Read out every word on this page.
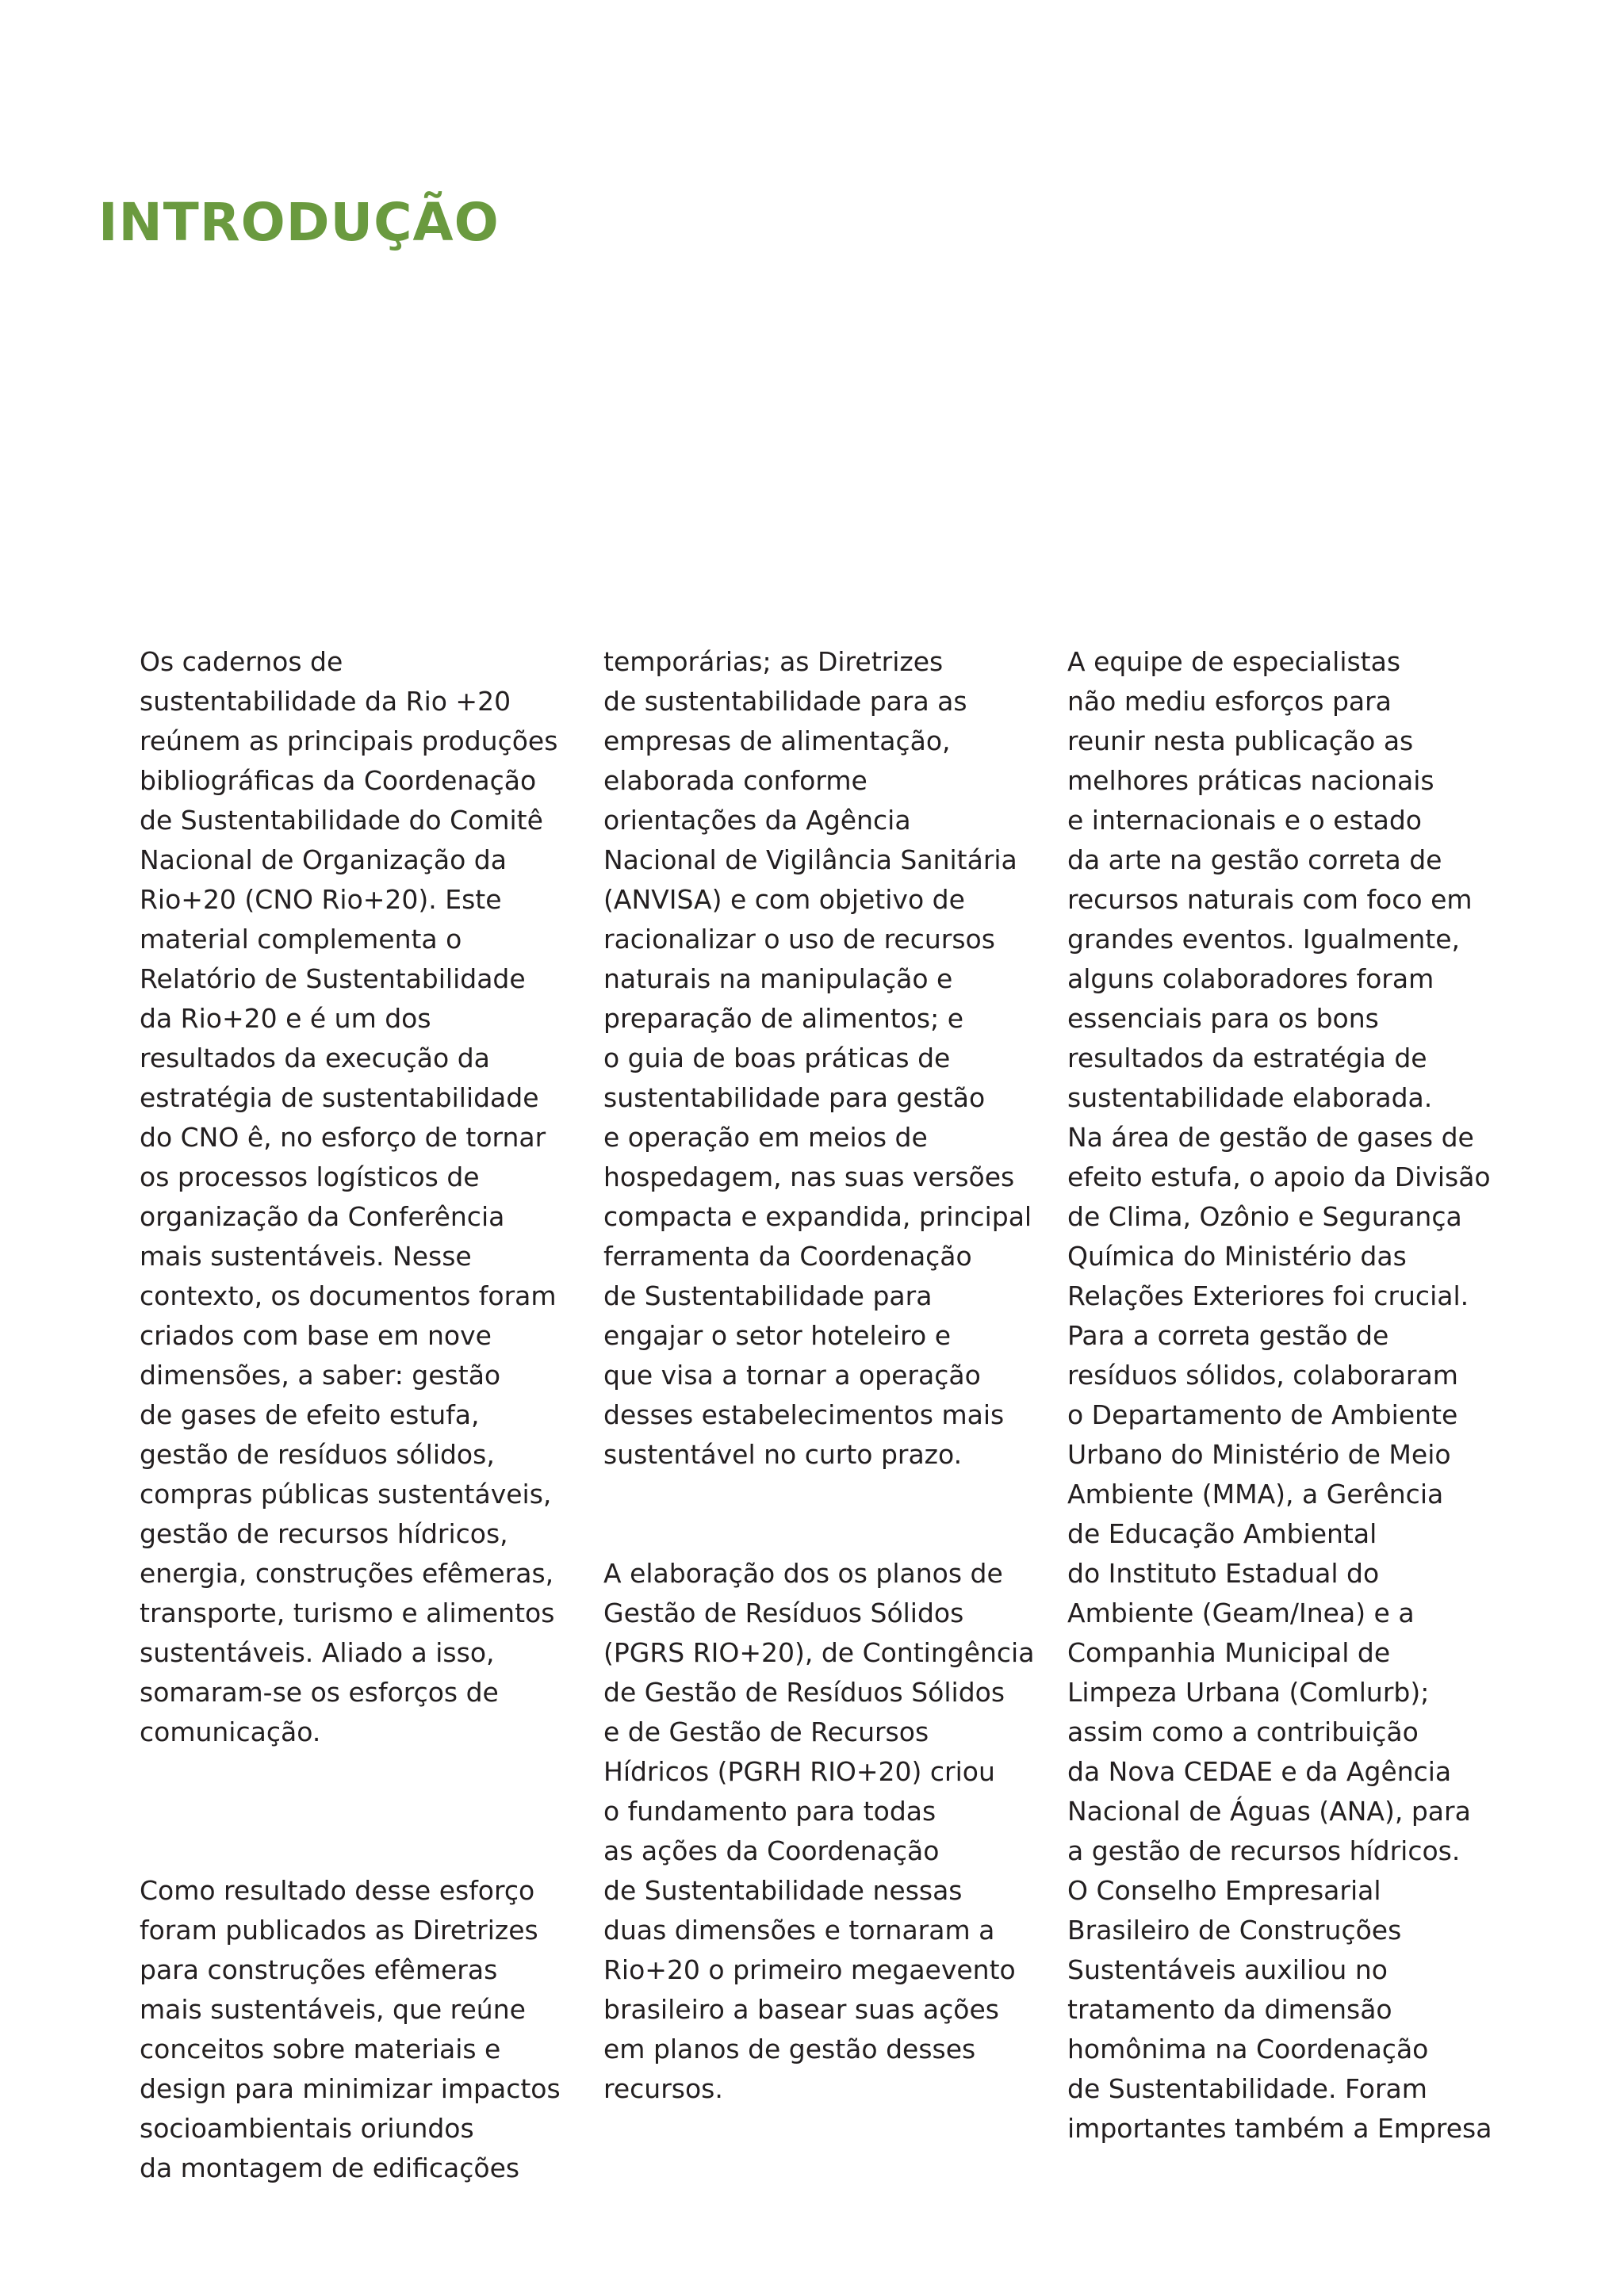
INTRODUÇÃO

Os cadernos de
sustentabilidade da Rio +20
reúnem as principais produções
bibliográficas da Coordenação
de Sustentabilidade do Comitê
Nacional de Organização da
Rio+20 (CNO Rio+20). Este
material complementa o
Relatório de Sustentabilidade
da Rio+20 e é um dos
resultados da execução da
estratégia de sustentabilidade
do CNO ê, no esforço de tornar
os processos logísticos de
organização da Conferência
mais sustentáveis. Nesse
contexto, os documentos foram
criados com base em nove
dimensões, a saber: gestão
de gases de efeito estufa,
gestão de resíduos sólidos,
compras públicas sustentáveis,
gestão de recursos hídricos,
energia, construções efêmeras,
transporte, turismo e alimentos
sustentáveis. Aliado a isso,
somaram-se os esforços de
comunicação.

Como resultado desse esforço
foram publicados as Diretrizes
para construções efêmeras
mais sustentáveis, que reúne
conceitos sobre materiais e
design para minimizar impactos
socioambientais oriundos
da montagem de edificações

temporárias; as Diretrizes
de sustentabilidade para as
empresas de alimentação,
elaborada conforme
orientações da Agência
Nacional de Vigilância Sanitária
(ANVISA) e com objetivo de
racionalizar o uso de recursos
naturais na manipulação e
preparação de alimentos; e
o guia de boas práticas de
sustentabilidade para gestão
e operação em meios de
hospedagem, nas suas versões
compacta e expandida, principal
ferramenta da Coordenação
de Sustentabilidade para
engajar o setor hoteleiro e
que visa a tornar a operação
desses estabelecimentos mais
sustentável no curto prazo.

A elaboração dos os planos de
Gestão de Resíduos Sólidos
(PGRS RIO+20), de Contingência
de Gestão de Resíduos Sólidos
e de Gestão de Recursos
Hídricos (PGRH RIO+20) criou
o fundamento para todas
as ações da Coordenação
de Sustentabilidade nessas
duas dimensões e tornaram a
Rio+20 o primeiro megaevento
brasileiro a basear suas ações
em planos de gestão desses
recursos.

A equipe de especialistas
não mediu esforços para
reunir nesta publicação as
melhores práticas nacionais
e internacionais e o estado
da arte na gestão correta de
recursos naturais com foco em
grandes eventos. Igualmente,
alguns colaboradores foram
essenciais para os bons
resultados da estratégia de
sustentabilidade elaborada.
Na área de gestão de gases de
efeito estufa, o apoio da Divisão
de Clima, Ozônio e Segurança
Química do Ministério das
Relações Exteriores foi crucial.
Para a correta gestão de
resíduos sólidos, colaboraram
o Departamento de Ambiente
Urbano do Ministério de Meio
Ambiente (MMA), a Gerência
de Educação Ambiental
do Instituto Estadual do
Ambiente (Geam/Inea) e a
Companhia Municipal de
Limpeza Urbana (Comlurb);
assim como a contribuição
da Nova CEDAE e da Agência
Nacional de Águas (ANA), para
a gestão de recursos hídricos.
O Conselho Empresarial
Brasileiro de Construções
Sustentáveis auxiliou no
tratamento da dimensão
homônima na Coordenação
de Sustentabilidade. Foram
importantes também a Empresa
